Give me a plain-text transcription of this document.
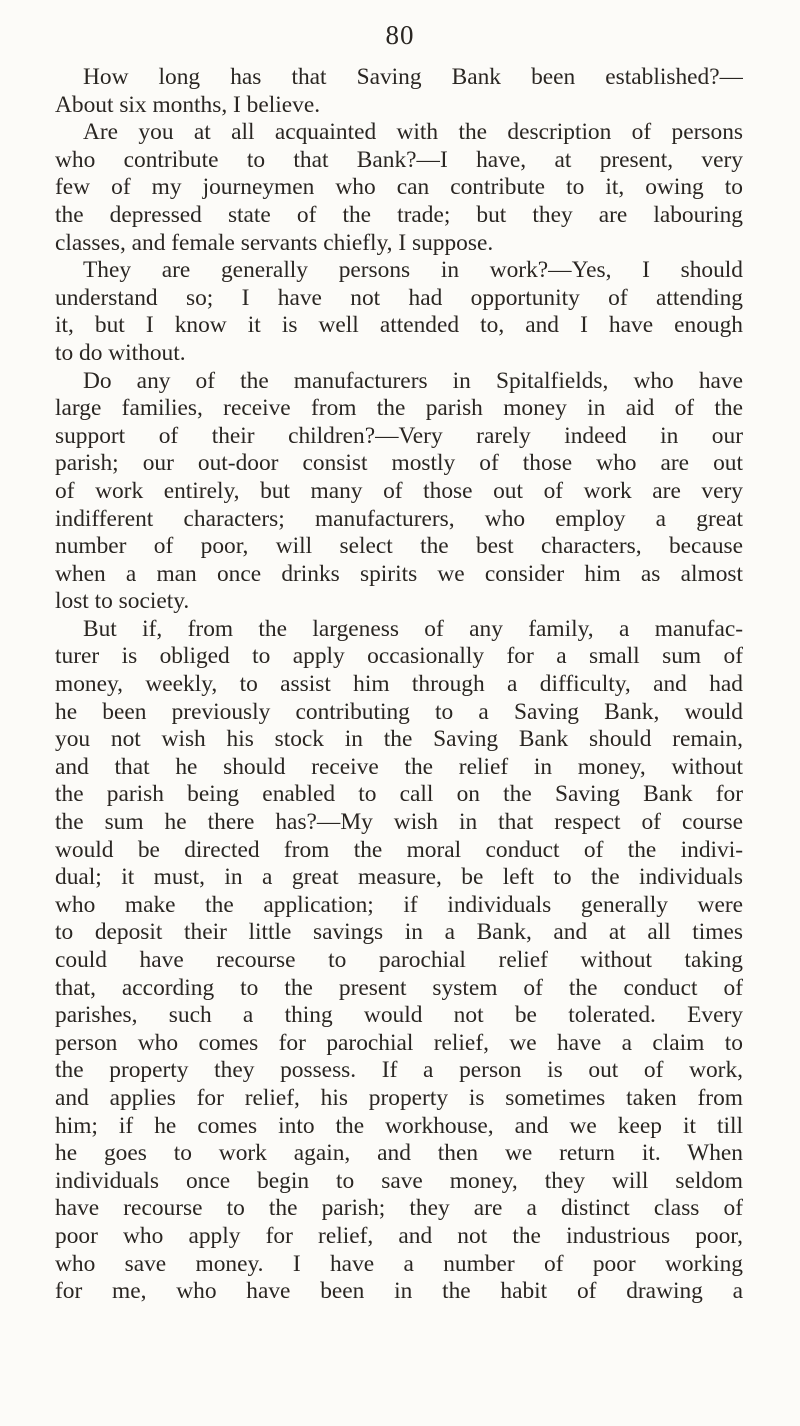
80
How long has that Saving Bank been established?—
About six months, I believe.
Are you at all acquainted with the description of persons
who contribute to that Bank?—I have, at present, very
few of my journeymen who can contribute to it, owing to
the depressed state of the trade; but they are labouring
classes, and female servants chiefly, I suppose.
They are generally persons in work?—Yes, I should
understand so; I have not had opportunity of attending
it, but I know it is well attended to, and I have enough
to do without.
Do any of the manufacturers in Spitalfields, who have
large families, receive from the parish money in aid of the
support of their children?—Very rarely indeed in our
parish; our out-door consist mostly of those who are out
of work entirely, but many of those out of work are very
indifferent characters; manufacturers, who employ a great
number of poor, will select the best characters, because
when a man once drinks spirits we consider him as almost
lost to society.
But if, from the largeness of any family, a manufac-
turer is obliged to apply occasionally for a small sum of
money, weekly, to assist him through a difficulty, and had
he been previously contributing to a Saving Bank, would
you not wish his stock in the Saving Bank should remain,
and that he should receive the relief in money, without
the parish being enabled to call on the Saving Bank for
the sum he there has?—My wish in that respect of course
would be directed from the moral conduct of the indivi-
dual; it must, in a great measure, be left to the individuals
who make the application; if individuals generally were
to deposit their little savings in a Bank, and at all times
could have recourse to parochial relief without taking
that, according to the present system of the conduct of
parishes, such a thing would not be tolerated. Every
person who comes for parochial relief, we have a claim to
the property they possess. If a person is out of work,
and applies for relief, his property is sometimes taken from
him; if he comes into the workhouse, and we keep it till
he goes to work again, and then we return it. When
individuals once begin to save money, they will seldom
have recourse to the parish; they are a distinct class of
poor who apply for relief, and not the industrious poor,
who save money. I have a number of poor working
for me, who have been in the habit of drawing a
